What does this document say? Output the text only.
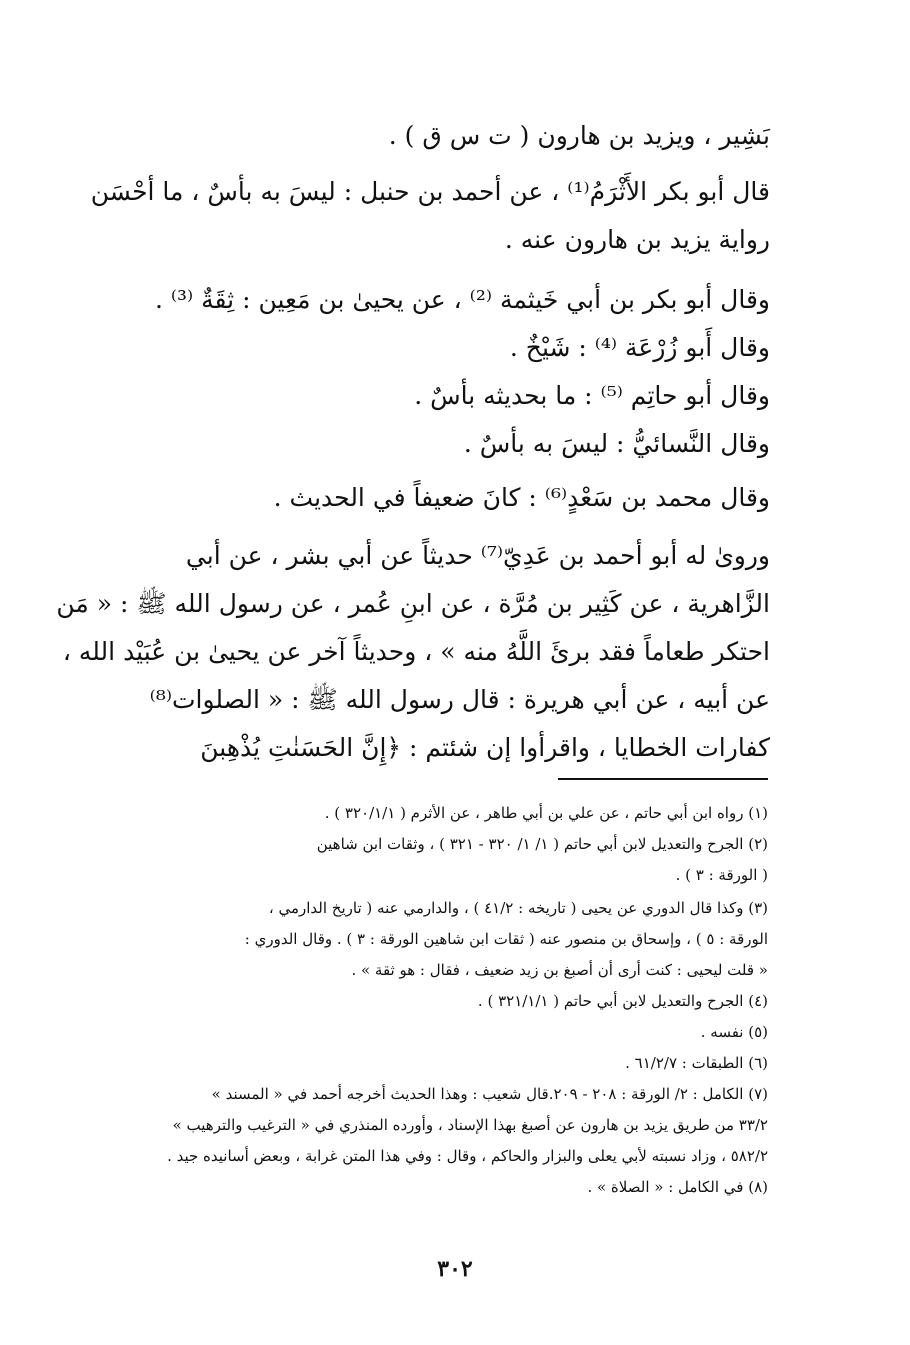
بَشِير ، ويزيد بن هارون ( ت س ق ) .
قال أبو بكر الأَثْرَمُ⁽¹⁾ ، عن أحمد بن حنبل : ليسَ به بأسٌ ، ما أحْسَن
رواية يزيد بن هارون عنه .
وقال أبو بكر بن أبي خَيثمة ⁽²⁾ ، عن يحيىٰ بن مَعِين : ثِقَةٌ ⁽³⁾ .
وقال أَبو زُرْعَة ⁽⁴⁾ : شَيْخٌ .
وقال أبو حاتِم ⁽⁵⁾ : ما بحديثه بأسٌ .
وقال النَّسائيُّ : ليسَ به بأسٌ .
وقال محمد بن سَعْدٍ⁽⁶⁾ : كانَ ضعيفاً في الحديث .
وروىٰ له أبو أحمد بن عَدِيّ⁽⁷⁾ حديثاً عن أبي بشر ، عن أبي
الزَّاهرية ، عن كَثِير بن مُرَّة ، عن ابنِ عُمر ، عن رسول الله ﷺ : « مَن
احتكر طعاماً فقد برئَ اللَّهُ منه » ، وحديثاً آخر عن يحيىٰ بن عُبَيْد الله ،
عن أبيه ، عن أبي هريرة : قال رسول الله ﷺ : « الصلوات⁽⁸⁾
كفارات الخطايا ، واقرأوا إن شئتم : ﴿إِنَّ الحَسَنٰتِ يُذْهِبنَ
(١) رواه ابن أبي حاتم ، عن علي بن أبي طاهر ، عن الأثرم ( ٣٢٠/١/١ ) .
(٢) الجرح والتعديل لابن أبي حاتم ( ١/ ١/ ٣٢٠ - ٣٢١ ) ، وثقات ابن شاهين
( الورقة : ٣ ) .
(٣) وكذا قال الدوري عن يحيى ( تاريخه : ٤١/٢ ) ، والدارمي عنه ( تاريخ الدارمي ،
الورقة : ٥ ) ، وإسحاق بن منصور عنه ( ثقات ابن شاهين الورقة : ٣ ) . وقال الدوري :
« قلت ليحيى : كنت أرى أن أصبغ بن زيد ضعيف ، فقال : هو ثقة » .
(٤) الجرح والتعديل لابن أبي حاتم ( ٣٢١/١/١ ) .
(٥) نفسه .
(٦) الطبقات : ٦١/٢/٧ .
(٧) الكامل : ٢/ الورقة : ٢٠٨ - ٢٠٩.قال شعيب : وهذا الحديث أخرجه أحمد في « المسند »
٣٣/٢ من طريق يزيد بن هارون عن أصبغ بهذا الإسناد ، وأورده المنذري في « الترغيب والترهيب »
٥٨٢/٢ ، وزاد نسبته لأبي يعلى والبزار والحاكم ، وقال : وفي هذا المتن غرابة ، وبعض أسانيده جيد .
(٨) في الكامل : « الصلاة » .
٣٠٢
